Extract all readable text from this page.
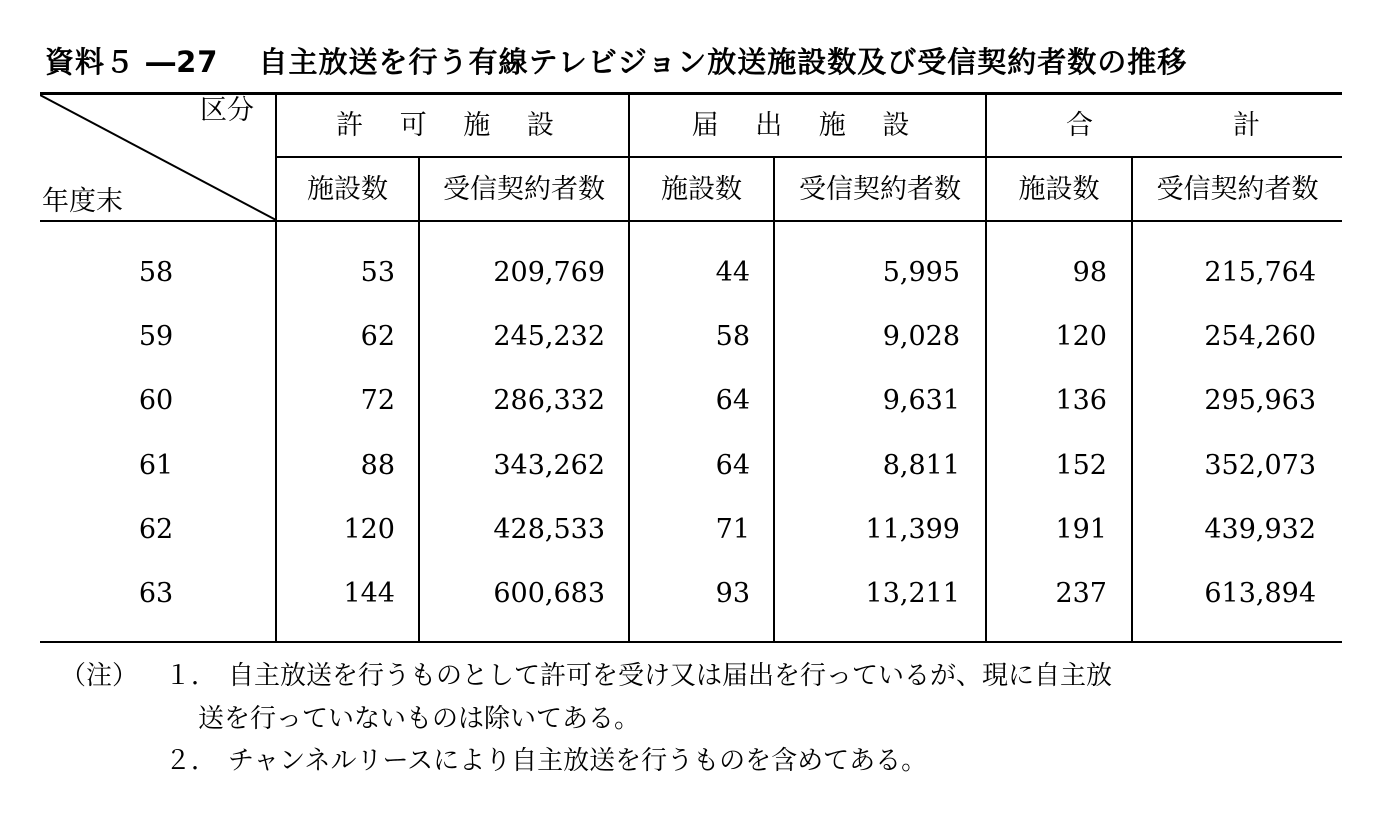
資料５ ―27 自主放送を行う有線テレビジョン放送施設数及び受信契約者数の推移
区分
年度末
許 可 施 設	届 出 施 設	合	計
施設数	受信契約者数	施設数	受信契約者数	施設数	受信契約者数
58	53	209,769	44	5,995	98	215,764
59	62	245,232	58	9,028	120	254,260
60	72	286,332	64	9,631	136	295,963
61	88	343,262	64	8,811	152	352,073
62	120	428,533	71	11,399	191	439,932
63	144	600,683	93	13,211	237	613,894
（注） １． 自主放送を行うものとして許可を受け又は届出を行っているが、現に自主放
送を行っていないものは除いてある。
２． チャンネルリースにより自主放送を行うものを含めてある。
